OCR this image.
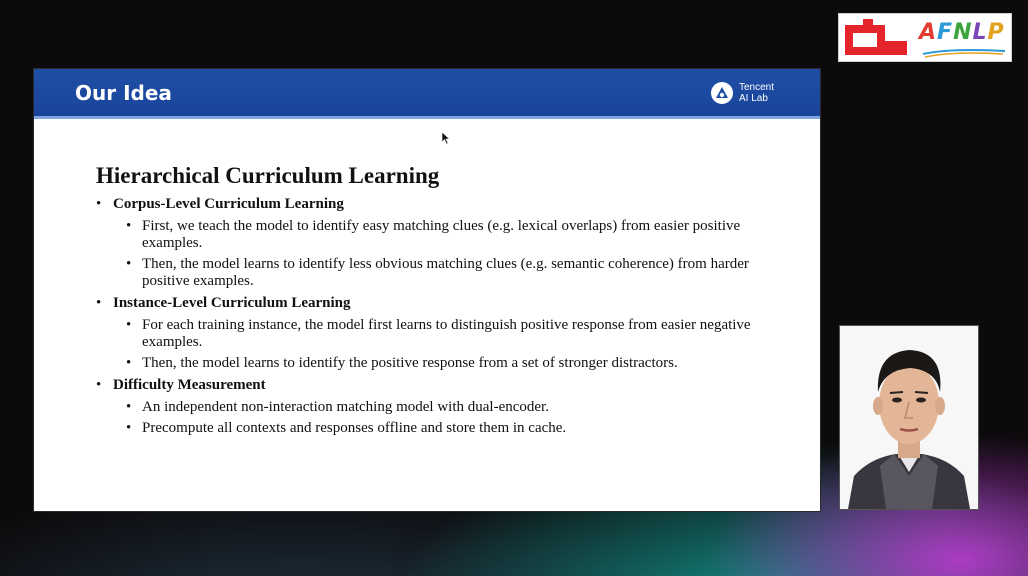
AFNLP
Our Idea	Tencent
AI Lab
Hierarchical Curriculum Learning
• Corpus-Level Curriculum Learning
• First, we teach the model to identify easy matching clues (e.g. lexical overlaps) from easier positive examples.
• Then, the model learns to identify less obvious matching clues (e.g. semantic coherence) from harder positive examples.
• Instance-Level Curriculum Learning
• For each training instance, the model first learns to distinguish positive response from easier negative examples.
• Then, the model learns to identify the positive response from a set of stronger distractors.
• Difficulty Measurement
• An independent non-interaction matching model with dual-encoder.
• Precompute all contexts and responses offline and store them in cache.
